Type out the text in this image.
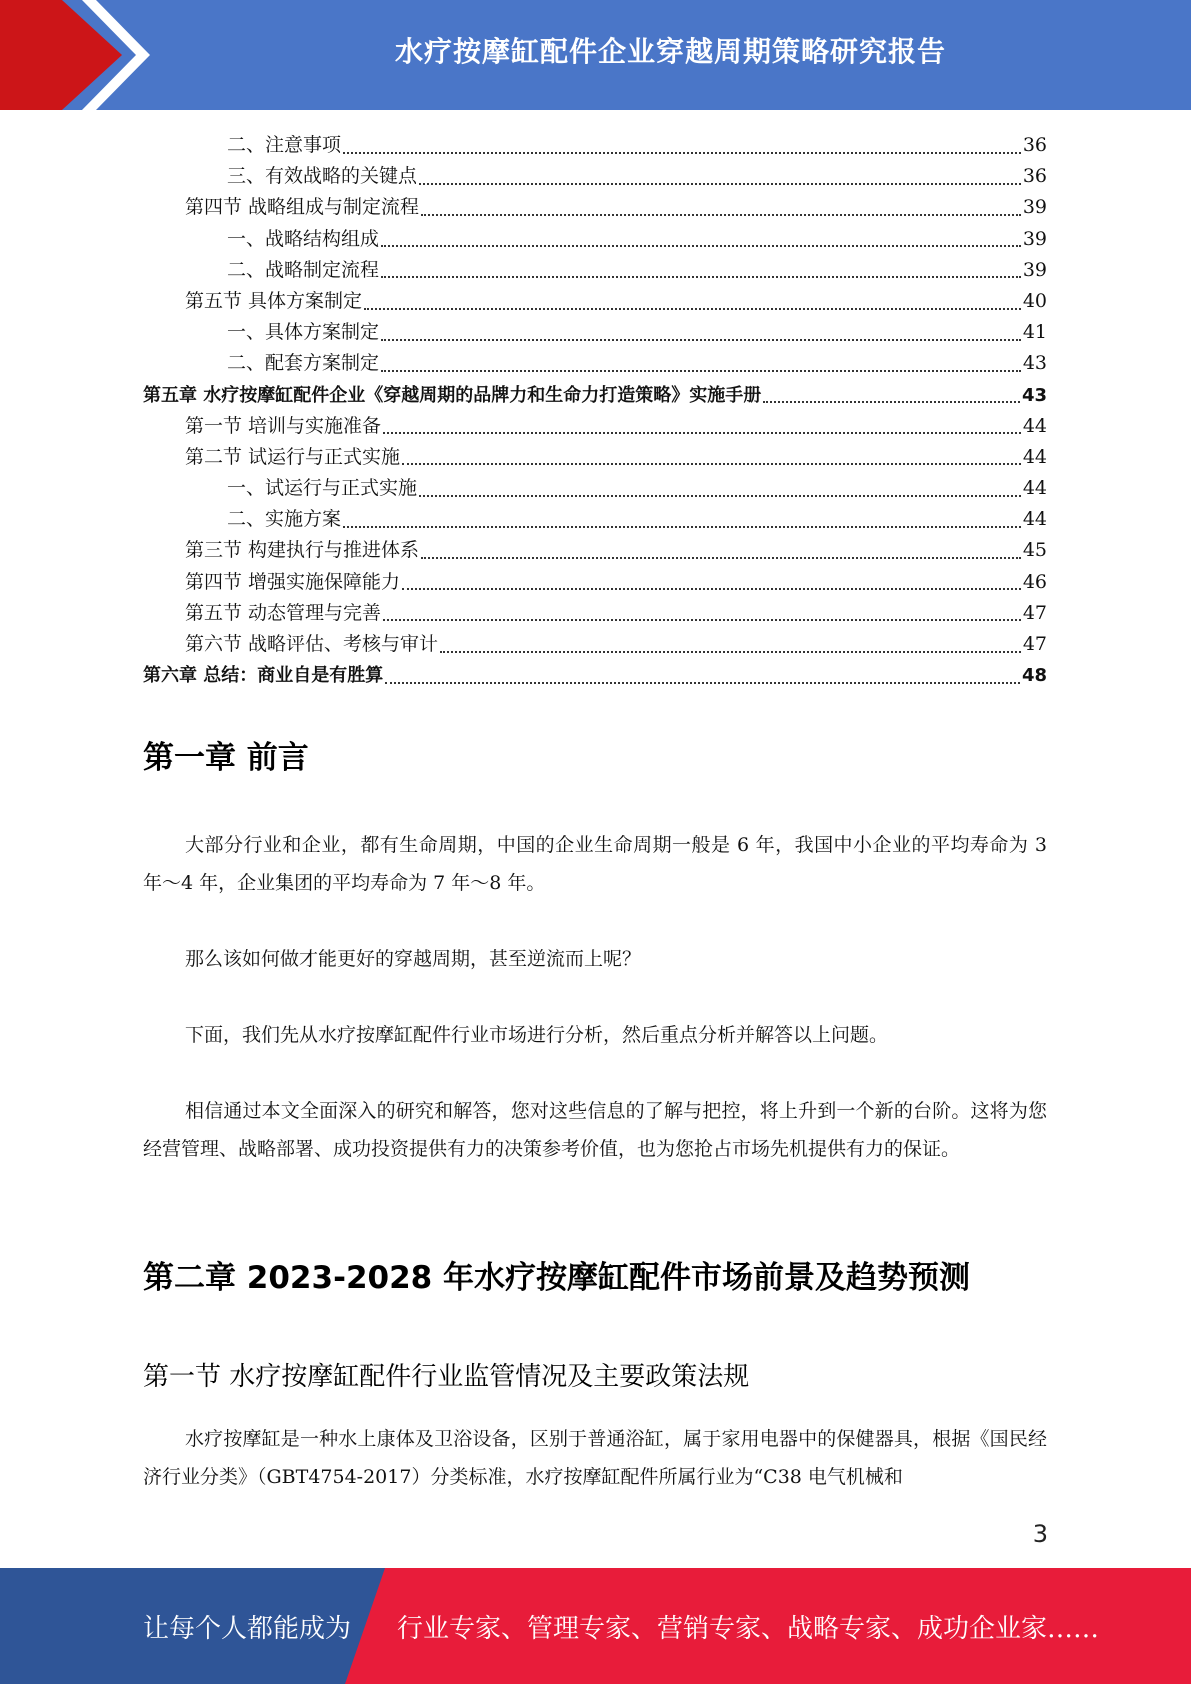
水疗按摩缸配件企业穿越周期策略研究报告
二、注意事项	36
三、有效战略的关键点	36
第四节 战略组成与制定流程	39
一、战略结构组成	39
二、战略制定流程	39
第五节 具体方案制定	40
一、具体方案制定	41
二、配套方案制定	43
第五章 水疗按摩缸配件企业《穿越周期的品牌力和生命力打造策略》实施手册	43
第一节 培训与实施准备	44
第二节 试运行与正式实施	44
一、试运行与正式实施	44
二、实施方案	44
第三节 构建执行与推进体系	45
第四节 增强实施保障能力	46
第五节 动态管理与完善	47
第六节 战略评估、考核与审计	47
第六章 总结：商业自是有胜算	48
第一章 前言
大部分行业和企业，都有生命周期，中国的企业生命周期一般是 6 年，我国中小企业的平均寿命为 3 年～4 年，企业集团的平均寿命为 7 年～8 年。
那么该如何做才能更好的穿越周期，甚至逆流而上呢？
下面，我们先从水疗按摩缸配件行业市场进行分析，然后重点分析并解答以上问题。
相信通过本文全面深入的研究和解答，您对这些信息的了解与把控，将上升到一个新的台阶。这将为您经营管理、战略部署、成功投资提供有力的决策参考价值，也为您抢占市场先机提供有力的保证。
第二章 2023-2028 年水疗按摩缸配件市场前景及趋势预测
第一节 水疗按摩缸配件行业监管情况及主要政策法规
水疗按摩缸是一种水上康体及卫浴设备，区别于普通浴缸，属于家用电器中的保健器具，根据《国民经济行业分类》（GBT4754-2017）分类标准，水疗按摩缸配件所属行业为“C38 电气机械和
3
让每个人都能成为 行业专家、管理专家、营销专家、战略专家、成功企业家……
